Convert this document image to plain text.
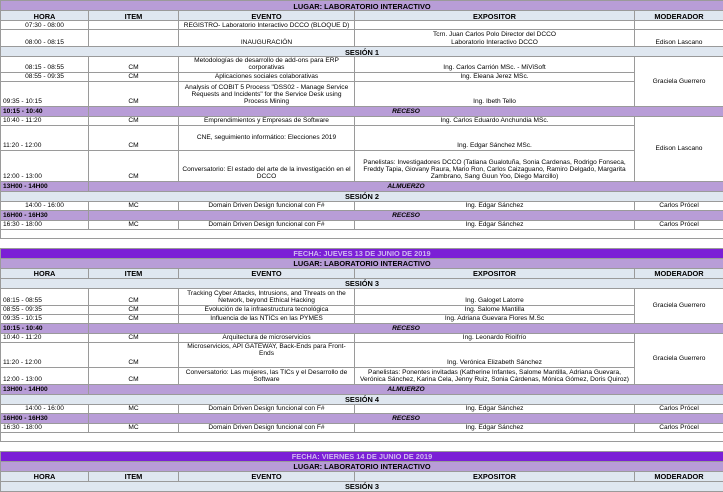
LUGAR: LABORATORIO INTERACTIVO				
HORA	ITEM	EVENTO	EXPOSITOR	MODERADOR
07:30 - 08:00		REGISTRO- Laboratorio Interactivo DCCO (BLOQUE D)		
08:00 - 08:15		INAUGURACIÓN	Tcrn. Juan Carlos Polo Director del DCCO
Laboratorio Interactivo DCCO	Edison Lascano
SESIÓN 1				
08:15 - 08:55	CM	Metodologías de desarrollo de add-ons para ERP corporativas	Ing. Carlos Carrión MSc. - MiViSoft	Graciela Guerrero
08:55 - 09:35	CM	Aplicaciones sociales colaborativas	Ing. Eleana Jerez MSc.	
09:35 - 10:15	CM	Analysis of COBIT 5 Process "DSS02 - Manage Service Requests and Incidents" for the Service Desk using Process Mining	Ing. Ibeth Tello	
10:15 - 10:40	RECESO			
10:40 - 11:20	CM	Emprendimientos y Empresas de Software	Ing. Carlos Eduardo Anchundia MSc.	Edison Lascano
11:20 - 12:00	CM	CNE, seguimiento informático: Elecciones 2019	Ing. Edgar Sánchez MSc.	
12:00 - 13:00	CM	Conversatorio: El estado del arte de la investigación en el DCCO	Panelistas: Investigadores DCCO (Tatiana Gualotuña, Sonia Cardenas, Rodrigo Fonseca, Freddy Tapia, Giovany Raura, Mario Ron, Carlos Caizaguano, Ramiro Delgado, Margarita Zambrano, Sang Guun Yoo, Diego Marcillo)	
13H00 - 14H00	ALMUERZO			
SESIÓN 2				
14:00 - 16:00	MC	Domain Driven Design funcional con F#	Ing. Edgar Sánchez	Carlos Prócel
16H00 - 16H30	RECESO			
16:30 - 18:00	MC	Domain Driven Design funcional con F#	Ing. Edgar Sánchez	Carlos Prócel

FECHA: JUEVES 13 DE JUNIO DE 2019				
LUGAR: LABORATORIO INTERACTIVO				
HORA	ITEM	EVENTO	EXPOSITOR	MODERADOR
SESIÓN 3				
08:15 - 08:55	CM	Tracking Cyber Attacks, Intrusions, and Threats on the Network, beyond Ethical Hacking	Ing. Galoget Latorre	Graciela Guerrero
08:55 - 09:35	CM	Evolución de la infraestructura tecnológica	Ing. Salome Mantilla	
09:35 - 10:15	CM	Influencia de las NTICs en las PYMES	Ing. Adriana Guevara Flores M.Sc	
10:15 - 10:40	RECESO			
10:40 - 11:20	CM	Arquitectura de microservicios	Ing. Leonardo Rioifrío	Graciela Guerrero
11:20 - 12:00	CM	Microservicios, API GATEWAY, Back-Ends para Front-Ends	Ing. Verónica Elizabeth Sánchez	
12:00 - 13:00	CM	Conversatorio: Las mujeres, las TICs y el Desarrollo de Software	Panelistas: Ponentes invitadas (Katherine Infantes, Salome Mantilla, Adriana Guevara, Verónica Sánchez, Karina Cela, Jenny Ruiz, Sonia Cárdenas, Mónica Gómez, Doris Quiroz)	
13H00 - 14H00	ALMUERZO			
SESIÓN 4				
14:00 - 16:00	MC	Domain Driven Design funcional con F#	Ing. Edgar Sánchez	Carlos Prócel
16H00 - 16H30	RECESO			
16:30 - 18:00	MC	Domain Driven Design funcional con F#	Ing. Edgar Sánchez	Carlos Prócel

FECHA: VIERNES 14 DE JUNIO DE 2019				
LUGAR: LABORATORIO INTERACTIVO				
HORA	ITEM	EVENTO	EXPOSITOR	MODERADOR
SESIÓN 3				
